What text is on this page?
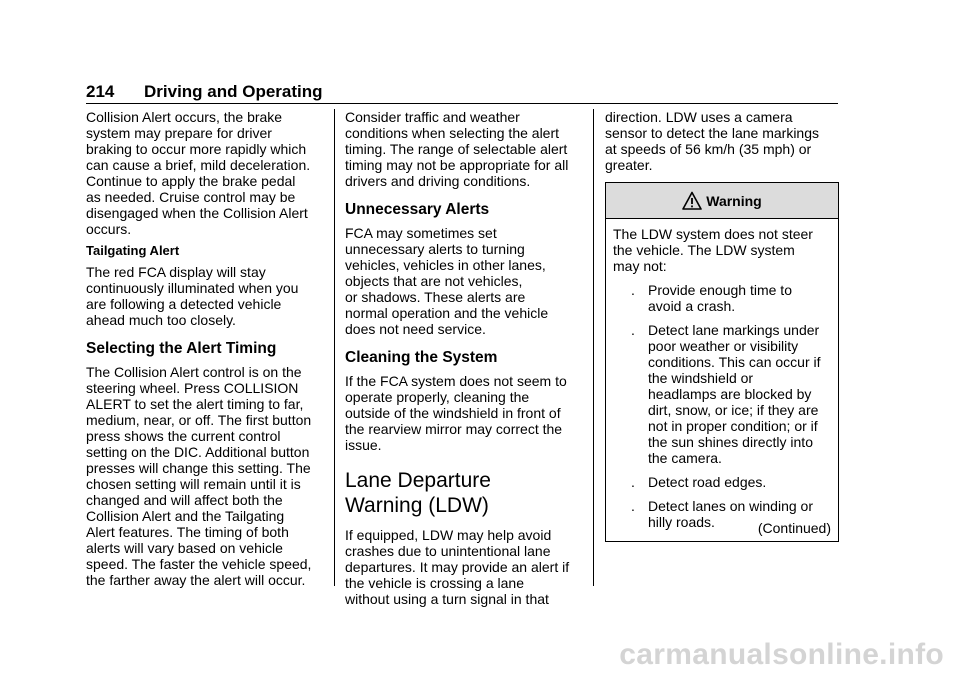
214 Driving and Operating

Collision Alert occurs, the brake
system may prepare for driver
braking to occur more rapidly which
can cause a brief, mild deceleration.
Continue to apply the brake pedal
as needed. Cruise control may be
disengaged when the Collision Alert
occurs.

Tailgating Alert

The red FCA display will stay
continuously illuminated when you
are following a detected vehicle
ahead much too closely.

Selecting the Alert Timing

The Collision Alert control is on the
steering wheel. Press COLLISION
ALERT to set the alert timing to far,
medium, near, or off. The first button
press shows the current control
setting on the DIC. Additional button
presses will change this setting. The
chosen setting will remain until it is
changed and will affect both the
Collision Alert and the Tailgating
Alert features. The timing of both
alerts will vary based on vehicle
speed. The faster the vehicle speed,
the farther away the alert will occur.

Consider traffic and weather
conditions when selecting the alert
timing. The range of selectable alert
timing may not be appropriate for all
drivers and driving conditions.

Unnecessary Alerts

FCA may sometimes set
unnecessary alerts to turning
vehicles, vehicles in other lanes,
objects that are not vehicles,
or shadows. These alerts are
normal operation and the vehicle
does not need service.

Cleaning the System

If the FCA system does not seem to
operate properly, cleaning the
outside of the windshield in front of
the rearview mirror may correct the
issue.

Lane Departure
Warning (LDW)

If equipped, LDW may help avoid
crashes due to unintentional lane
departures. It may provide an alert if
the vehicle is crossing a lane
without using a turn signal in that

direction. LDW uses a camera
sensor to detect the lane markings
at speeds of 56 km/h (35 mph) or
greater.

Warning

The LDW system does not steer
the vehicle. The LDW system
may not:

. Provide enough time to
avoid a crash.
. Detect lane markings under
poor weather or visibility
conditions. This can occur if
the windshield or
headlamps are blocked by
dirt, snow, or ice; if they are
not in proper condition; or if
the sun shines directly into
the camera.
. Detect road edges.
. Detect lanes on winding or
hilly roads.	(Continued)
carmanualsonline.info
